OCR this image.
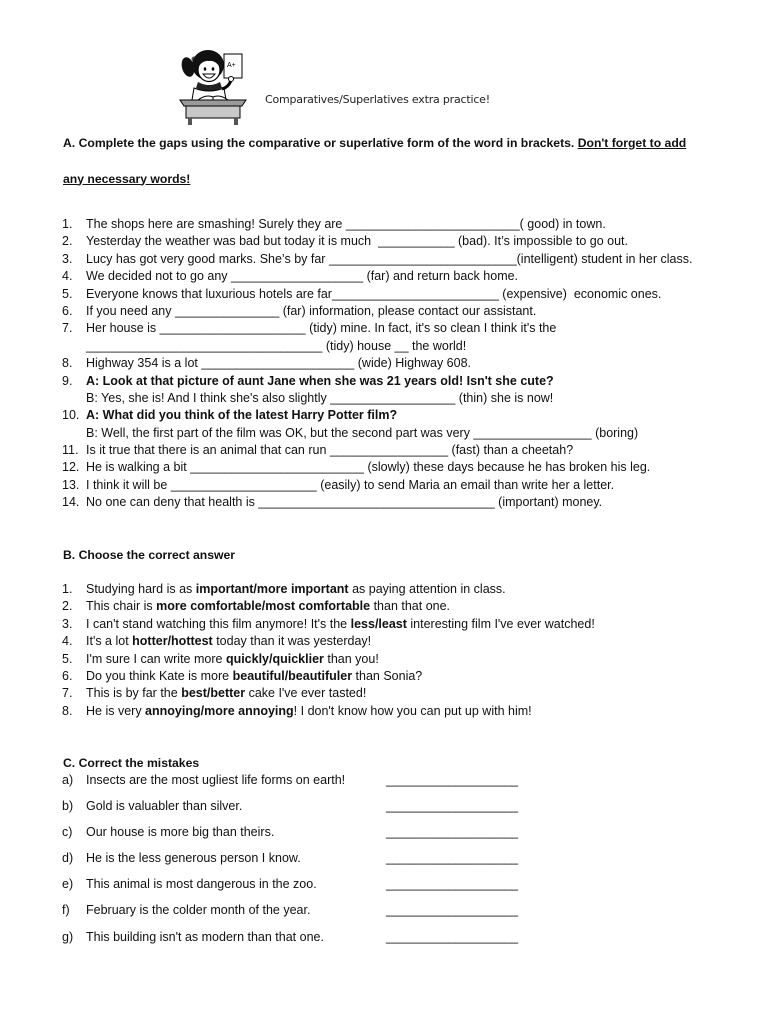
A+
Comparatives/Superlatives extra practice!
A. Complete the gaps using the comparative or superlative form of the word in brackets. Don't forget to add
any necessary words!
1. The shops here are smashing! Surely they are _________________________( good) in town.
2. Yesterday the weather was bad but today it is much  ___________ (bad). It’s impossible to go out.
3. Lucy has got very good marks. She’s by far ___________________________(intelligent) student in her class.
4. We decided not to go any ___________________ (far) and return back home.
5. Everyone knows that luxurious hotels are far________________________ (expensive)  economic ones.
6. If you need any _______________ (far) information, please contact our assistant.
7. Her house is _____________________ (tidy) mine. In fact, it's so clean I think it's the
__________________________________ (tidy) house __ the world!
8. Highway 354 is a lot ______________________ (wide) Highway 608.
9. A: Look at that picture of aunt Jane when she was 21 years old! Isn't she cute?
B: Yes, she is! And I think she's also slightly __________________ (thin) she is now!
10. A: What did you think of the latest Harry Potter film?
B: Well, the first part of the film was OK, but the second part was very _________________ (boring)
11. Is it true that there is an animal that can run _________________ (fast) than a cheetah?
12. He is walking a bit _________________________ (slowly) these days because he has broken his leg.
13. I think it will be _____________________ (easily) to send Maria an email than write her a letter.
14. No one can deny that health is __________________________________ (important) money.
B. Choose the correct answer
1. Studying hard is as important/more important as paying attention in class.
2. This chair is more comfortable/most comfortable than that one.
3. I can't stand watching this film anymore! It's the less/least interesting film I've ever watched!
4. It's a lot hotter/hottest today than it was yesterday!
5. I'm sure I can write more quickly/quicklier than you!
6. Do you think Kate is more beautiful/beautifuler than Sonia?
7. This is by far the best/better cake I've ever tasted!
8. He is very annoying/more annoying! I don't know how you can put up with him!
C. Correct the mistakes
a) Insects are the most ugliest life forms on earth!	___________________
b) Gold is valuabler than silver.	___________________
c) Our house is more big than theirs.	___________________
d) He is the less generous person I know.	___________________
e) This animal is most dangerous in the zoo.	___________________
f) February is the colder month of the year.	___________________
g) This building isn't as modern than that one.	___________________
